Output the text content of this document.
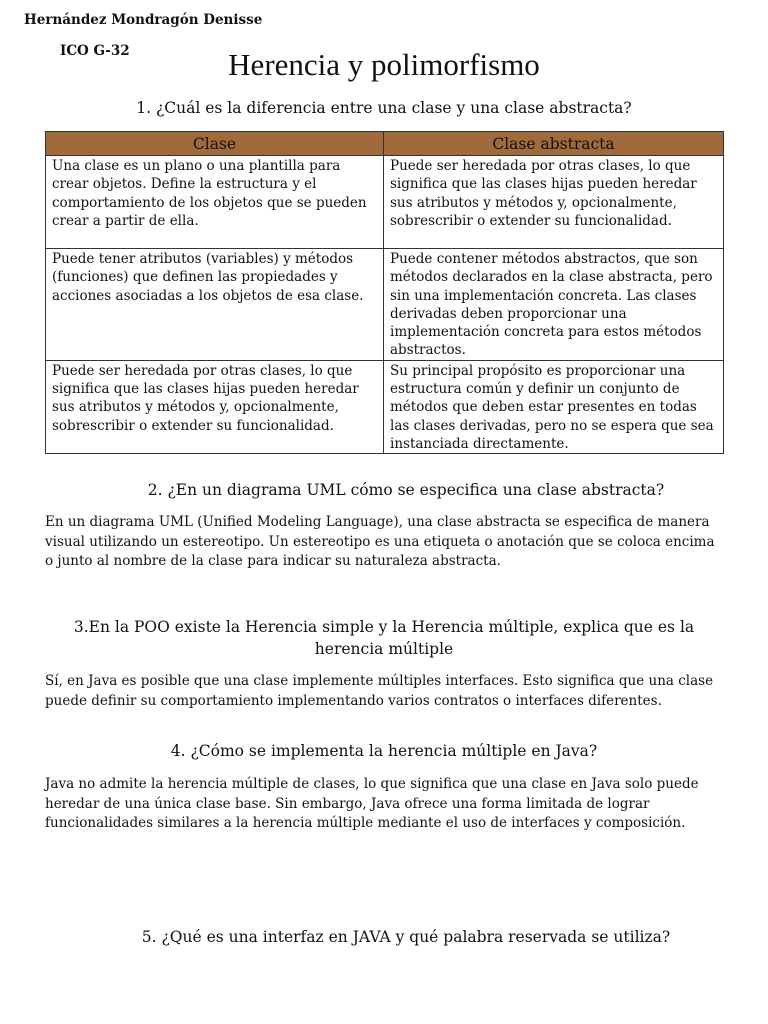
Hernández Mondragón Denisse
ICO G-32	Herencia y polimorfismo
1. ¿Cuál es la diferencia entre una clase y una clase abstracta?
Clase	Clase abstracta
Una clase es un plano o una plantilla para crear objetos. Define la estructura y el comportamiento de los objetos que se pueden crear a partir de ella.	Puede ser heredada por otras clases, lo que significa que las clases hijas pueden heredar sus atributos y métodos y, opcionalmente, sobrescribir o extender su funcionalidad.
Puede tener atributos (variables) y métodos (funciones) que definen las propiedades y acciones asociadas a los objetos de esa clase.	Puede contener métodos abstractos, que son métodos declarados en la clase abstracta, pero sin una implementación concreta. Las clases derivadas deben proporcionar una implementación concreta para estos métodos abstractos.
Puede ser heredada por otras clases, lo que significa que las clases hijas pueden heredar sus atributos y métodos y, opcionalmente, sobrescribir o extender su funcionalidad.	Su principal propósito es proporcionar una estructura común y definir un conjunto de métodos que deben estar presentes en todas las clases derivadas, pero no se espera que sea instanciada directamente.
2. ¿En un diagrama UML cómo se especifica una clase abstracta?
En un diagrama UML (Unified Modeling Language), una clase abstracta se especifica de manera visual utilizando un estereotipo. Un estereotipo es una etiqueta o anotación que se coloca encima o junto al nombre de la clase para indicar su naturaleza abstracta.
3.En la POO existe la Herencia simple y la Herencia múltiple, explica que es la
herencia múltiple
Sí, en Java es posible que una clase implemente múltiples interfaces. Esto significa que una clase puede definir su comportamiento implementando varios contratos o interfaces diferentes.
4. ¿Cómo se implementa la herencia múltiple en Java?
Java no admite la herencia múltiple de clases, lo que significa que una clase en Java solo puede heredar de una única clase base. Sin embargo, Java ofrece una forma limitada de lograr funcionalidades similares a la herencia múltiple mediante el uso de interfaces y composición.
5. ¿Qué es una interfaz en JAVA y qué palabra reservada se utiliza?
